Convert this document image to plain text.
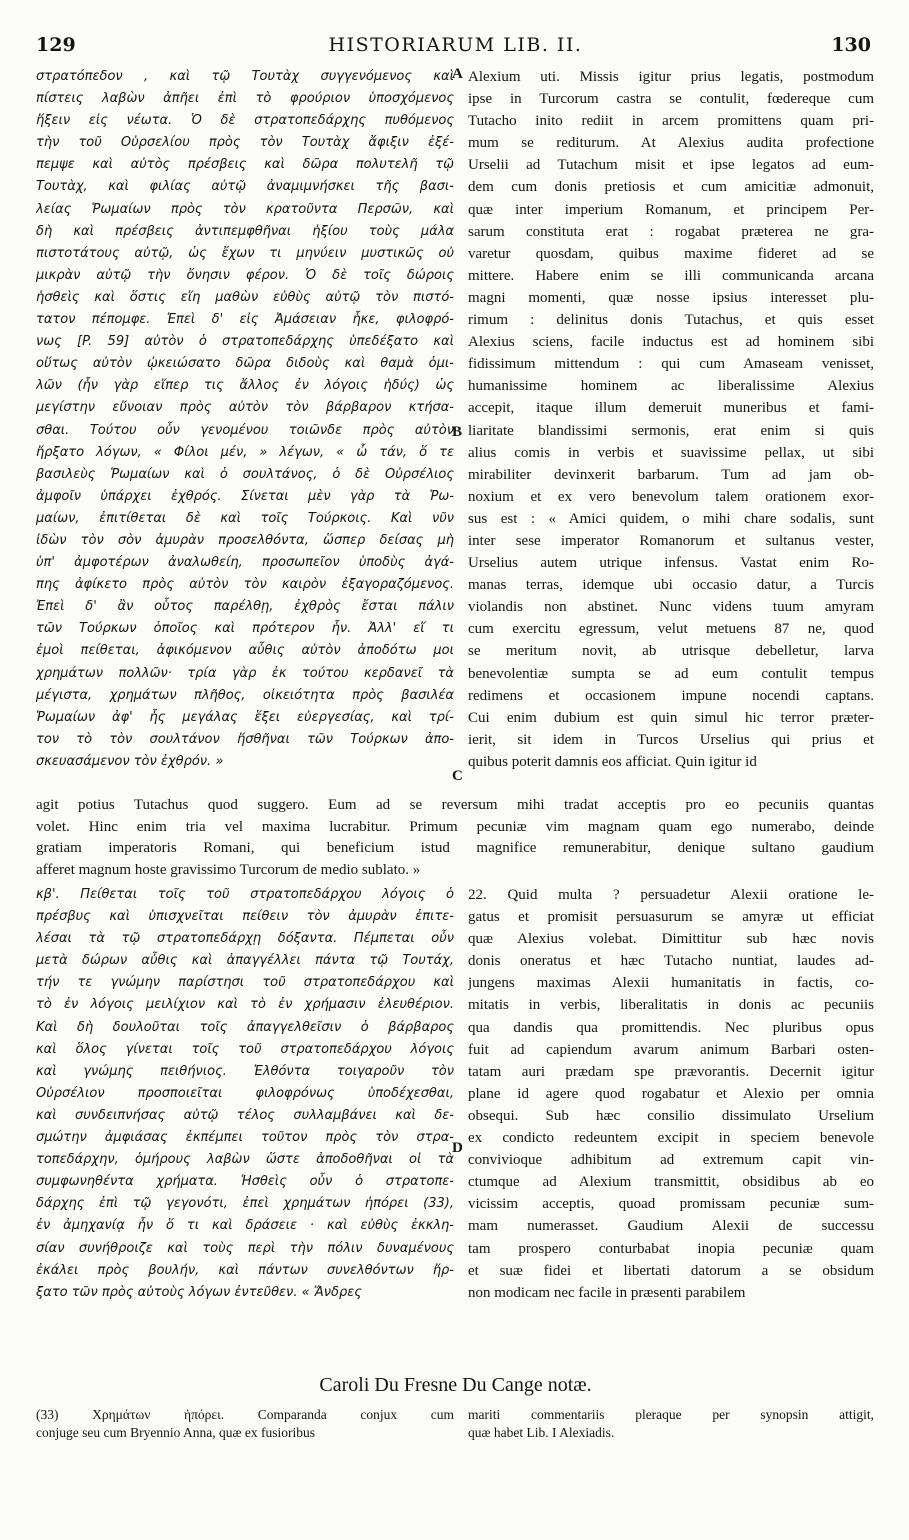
129	HISTORIARUM LIB. II.	130
στρατόπεδον , καὶ τῷ Τουτὰχ συγγενόμενος καὶ
πίστεις λαβὼν ἀπῆει ἐπὶ τὸ φρούριον ὑποσχόμενος
ἥξειν εἰς νέωτα. Ὁ δὲ στρατοπεδάρχης πυθόμενος
τὴν τοῦ Οὐρσελίου πρὸς τὸν Τουτὰχ ἄφιξιν ἐξέ-
πεμψε καὶ αὐτὸς πρέσβεις καὶ δῶρα πολυτελῆ τῷ
Τουτὰχ, καὶ φιλίας αὐτῷ ἀναμιμνήσκει τῆς βασι-
λείας Ῥωμαίων πρὸς τὸν κρατοῦντα Περσῶν, καὶ
δὴ καὶ πρέσβεις ἀντιπεμφθῆναι ἠξίου τοὺς μάλα
πιστοτάτους αὐτῷ, ὡς ἔχων τι μηνύειν μυστικῶς οὐ
μικρὰν αὐτῷ τὴν ὄνησιν φέρον. Ὁ δὲ τοῖς δώροις
ἡσθεὶς καὶ ὅστις εἴη μαθὼν εὐθὺς αὐτῷ τὸν πιστό-
τατον πέπομφε. Ἐπεὶ δ' εἰς Ἀμάσειαν ἧκε, φιλοφρό-
νως [P. 59] αὐτὸν ὁ στρατοπεδάρχης ὑπεδέξατο καὶ
οὕτως αὐτὸν ᾠκειώσατο δῶρα διδοὺς καὶ θαμὰ ὁμι-
λῶν (ἦν γὰρ εἴπερ τις ἄλλος ἐν λόγοις ἡδύς) ὡς
μεγίστην εὔνοιαν πρὸς αὐτὸν τὸν βάρβαρον κτήσα-
σθαι. Τούτου οὖν γενομένου τοιῶνδε πρὸς αὐτὸν
ἤρξατο λόγων, « Φίλοι μέν, » λέγων, « ὦ τάν, ὅ τε
βασιλεὺς Ῥωμαίων καὶ ὁ σουλτάνος, ὁ δὲ Οὐρσέλιος
ἀμφοῖν ὑπάρχει ἐχθρός. Σίνεται μὲν γὰρ τὰ Ῥω-
μαίων, ἐπιτίθεται δὲ καὶ τοῖς Τούρκοις. Καὶ νῦν
ἰδὼν τὸν σὸν ἀμυρὰν προσελθόντα, ὥσπερ δείσας μὴ
ὑπ' ἀμφοτέρων ἀναλωθείη, προσωπεῖον ὑποδὺς ἀγά-
πης ἀφίκετο πρὸς αὐτὸν τὸν καιρὸν ἐξαγοραζόμενος.
Ἐπεὶ δ' ἂν οὗτος παρέλθῃ, ἐχθρὸς ἔσται πάλιν
τῶν Τούρκων ὁποῖος καὶ πρότερον ἦν. Ἀλλ' εἴ τι
ἐμοὶ πείθεται, ἀφικόμενον αὖθις αὐτὸν ἀποδότω μοι
χρημάτων πολλῶν· τρία γὰρ ἐκ τούτου κερδανεῖ τὰ
μέγιστα, χρημάτων πλῆθος, οἰκειότητα πρὸς βασιλέα
Ῥωμαίων ἀφ' ἧς μεγάλας ἕξει εὐεργεσίας, καὶ τρί-
τον τὸ τὸν σουλτάνον ἥσθῆναι τῶν Τούρκων ἀπο-
σκευασάμενον τὸν ἐχθρόν. »
Alexium uti. Missis igitur prius legatis, postmodum
ipse in Turcorum castra se contulit, fœdereque cum
Tutacho inito rediit in arcem promittens quam pri-
mum se rediturum. At Alexius audita profectione
Urselii ad Tutachum misit et ipse legatos ad eum-
dem cum donis pretiosis et cum amicitiæ admonuit,
quæ inter imperium Romanum, et principem Per-
sarum constituta erat : rogabat præterea ne gra-
varetur quosdam, quibus maxime fideret ad se
mittere. Habere enim se illi communicanda arcana
magni momenti, quæ nosse ipsius interesset plu-
rimum : delinitus donis Tutachus, et quis esset
Alexius sciens, facile inductus est ad hominem sibi
fidissimum mittendum : qui cum Amaseam venisset,
humanissime hominem ac liberalissime Alexius
accepit, itaque illum demeruit muneribus et fami-
liaritate blandissimi sermonis, erat enim si quis
alius comis in verbis et suavissime pellax, ut sibi
mirabiliter devinxerit barbarum. Tum ad jam ob-
noxium et ex vero benevolum talem orationem exor-
sus est : « Amici quidem, o mihi chare sodalis, sunt
inter sese imperator Romanorum et sultanus vester,
Urselius autem utrique infensus. Vastat enim Ro-
manas terras, idemque ubi occasio datur, a Turcis
violandis non abstinet. Nunc videns tuum amyram
cum exercitu egressum, velut metuens 87 ne, quod
se meritum novit, ab utrisque debelletur, larva
benevolentiæ sumpta se ad eum contulit tempus
redimens et occasionem impune nocendi captans.
Cui enim dubium est quin simul hic terror præter-
ierit, sit idem in Turcos Urselius qui prius et
quibus poterit damnis eos afficiat. Quin igitur id
A
B
C
D
agit potius Tutachus quod suggero. Eum ad se reversum mihi tradat acceptis pro eo pecuniis quantas
volet. Hinc enim tria vel maxima lucrabitur. Primum pecuniæ vim magnam quam ego numerabo, deinde
gratiam imperatoris Romani, qui beneficium istud magnifice remunerabitur, denique sultano gaudium
afferet magnum hoste gravissimo Turcorum de medio sublato. »
κβ'. Πείθεται τοῖς τοῦ στρατοπεδάρχου λόγοις ὁ
πρέσβυς καὶ ὑπισχνεῖται πείθειν τὸν ἀμυρὰν ἐπιτε-
λέσαι τὰ τῷ στρατοπεδάρχῃ δόξαντα. Πέμπεται οὖν
μετὰ δώρων αὖθις καὶ ἀπαγγέλλει πάντα τῷ Τουτάχ,
τήν τε γνώμην παρίστησι τοῦ στρατοπεδάρχου καὶ
τὸ ἐν λόγοις μειλίχιον καὶ τὸ ἐν χρήμασιν ἐλευθέριον.
Καὶ δὴ δουλοῦται τοῖς ἀπαγγελθεῖσιν ὁ βάρβαρος
καὶ ὅλος γίνεται τοῖς τοῦ στρατοπεδάρχου λόγοις
καὶ γνώμης πειθήνιος. Ἐλθόντα τοιγαροῦν τὸν
Οὐρσέλιον προσποιεῖται φιλοφρόνως ὑποδέχεσθαι,
καὶ συνδειπνήσας αὐτῷ τέλος συλλαμβάνει καὶ δε-
σμώτην ἀμφιάσας ἐκπέμπει τοῦτον πρὸς τὸν στρα-
τοπεδάρχην, ὁμήρους λαβὼν ὥστε ἀποδοθῆναι οἱ τὰ
συμφωνηθέντα χρήματα. Ἠσθεὶς οὖν ὁ στρατοπε-
δάρχης ἐπὶ τῷ γεγονότι, ἐπεὶ χρημάτων ἠπόρει (33),
ἐν ἀμηχανίᾳ ἦν ὅ τι καὶ δράσειε · καὶ εὐθὺς ἐκκλη-
σίαν συνήθροιζε καὶ τοὺς περὶ τὴν πόλιν δυναμένους
ἐκάλει πρὸς βουλήν, καὶ πάντων συνελθόντων ἤρ-
ξατο τῶν πρὸς αὐτοὺς λόγων ἐντεῦθεν. « Ἄνδρες
22. Quid multa ? persuadetur Alexii oratione le-
gatus et promisit persuasurum se amyræ ut efficiat
quæ Alexius volebat. Dimittitur sub hæc novis
donis oneratus et hæc Tutacho nuntiat, laudes ad-
jungens maximas Alexii humanitatis in factis, co-
mitatis in verbis, liberalitatis in donis ac pecuniis
qua dandis qua promittendis. Nec pluribus opus
fuit ad capiendum avarum animum Barbari osten-
tatam auri prædam spe prævorantis. Decernit igitur
plane id agere quod rogabatur et Alexio per omnia
obsequi. Sub hæc consilio dissimulato Urselium
ex condicto redeuntem excipit in speciem benevole
convivioque adhibitum ad extremum capit vin-
ctumque ad Alexium transmittit, obsidibus ab eo
vicissim acceptis, quoad promissam pecuniæ sum-
mam numerasset. Gaudium Alexii de successu
tam prospero conturbabat inopia pecuniæ quam
et suæ fidei et libertati datorum a se obsidum
non modicam nec facile in præsenti parabilem
Caroli Du Fresne Du Cange notæ.
(33) Χρημάτων ἠπόρει. Comparanda conjux cum
conjuge seu cum Bryennio Anna, quæ ex fusioribus
mariti commentariis pleraque per synopsin attigit,
quæ habet Lib. I Alexiadis.
